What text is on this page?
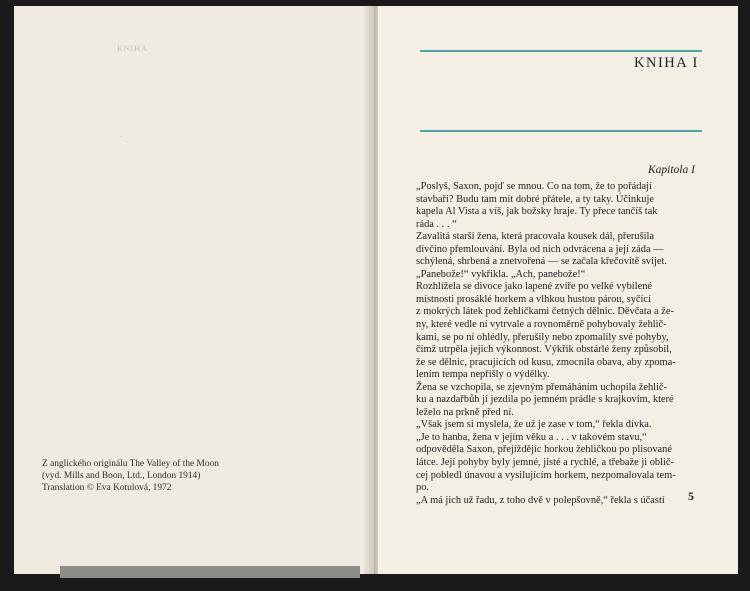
KNIHA
⸱
Z anglického originálu The Valley of the Moon
(vyd. Mills and Boon, Ltd., London 1914)
Translation © Eva Kotulová, 1972
KNIHA I
Kapitola I

„Poslyš, Saxon, pojď se mnou. Co na tom, že to pořádají

stavbaři? Budu tam mít dobré přátele, a ty taky. Účinkuje

kapela Al Vista a víš, jak božsky hraje. Ty přece tančíš tak

ráda . . . “

Zavalitá starší žena, která pracovala kousek dál, přerušila

dívčino přemlouvání. Byla od nich odvrácena a její záda —

schýlená, shrbená a znetvořená — se začala křečovitě svíjet.

„Panebože!“ vykřikla. „Ach, panebože!“

Rozhlížela se divoce jako lapené zvíře po velké vybílené

místnosti prosáklé horkem a vlhkou hustou párou, syčící

z mokrých látek pod žehličkami četných dělnic. Děvčata a že-

ny, které vedle ní vytrvale a rovnoměrně pohybovaly žehlič-

kami, se po ní ohlédly, přerušily nebo zpomalily své pohyby,

čímž utrpěla jejich výkonnost. Výkřik obstárlé ženy způsobil,

že se dělnic, pracujících od kusu, zmocnila obava, aby zpoma-

lením tempa nepřišly o výdělky.

Žena se vzchopila, se zjevným přemáháním uchopila žehlič-

ku a nazdařbůh jí jezdila po jemném prádle s krajkovím, které

leželo na prkně před ní.

„Však jsem si myslela, že už je zase v tom,“ řekla dívka.

„Je to hanba, žena v jejím věku a . . . v takovém stavu,“

odpověděla Saxon, přejíždějíc horkou žehličkou po plisované

látce. Její pohyby byly jemné, jisté a rychlé, a třebaže ji oblič-

cej pobledl únavou a vysilujícím horkem, nezpomalovala tem-

po.

„A má jich už řadu, z toho dvě v polepšovně,“ řekla s účastí	5
